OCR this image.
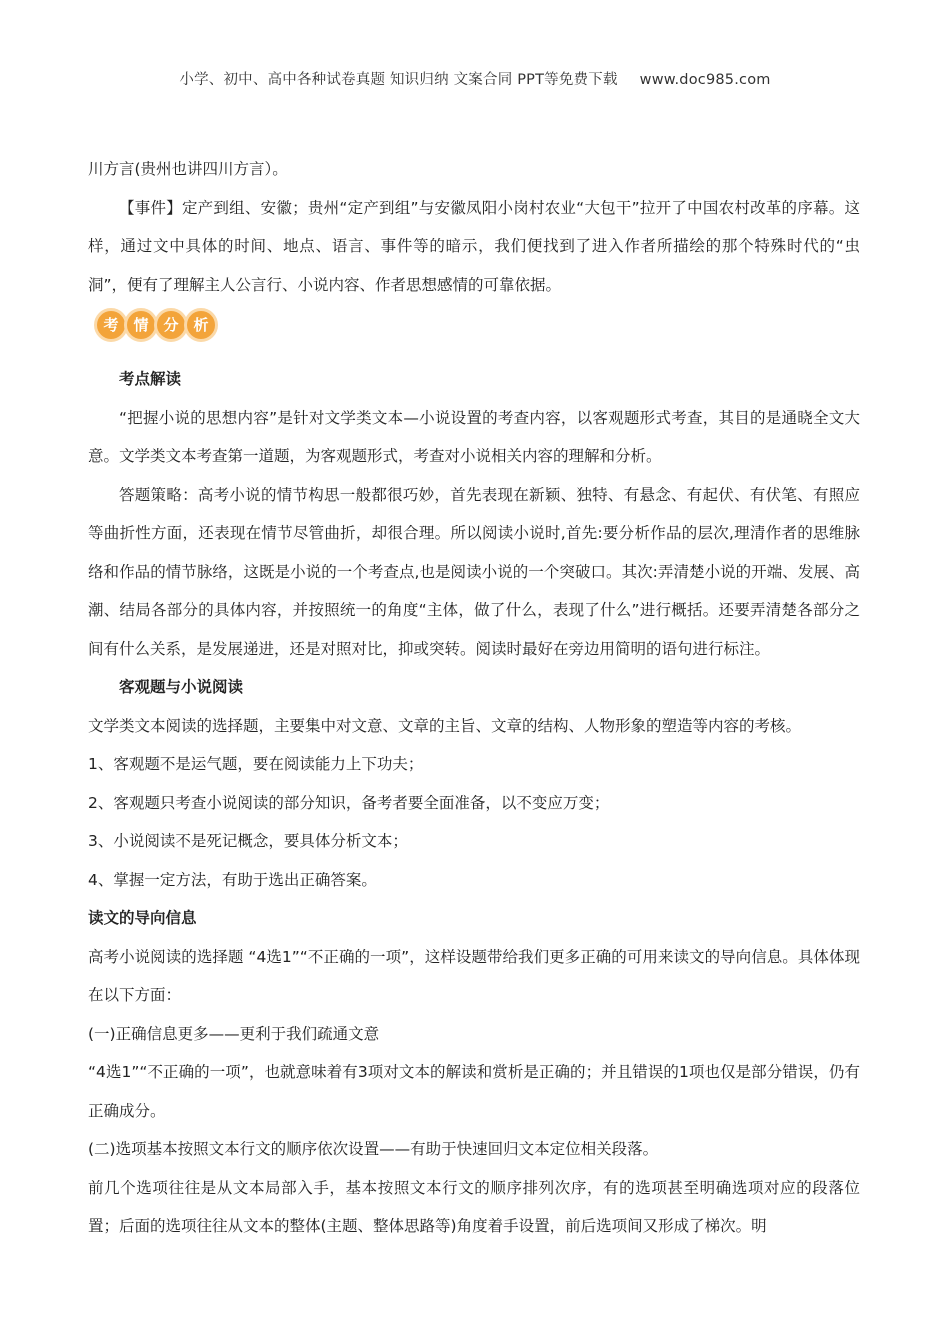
小学、初中、高中各种试卷真题 知识归纳 文案合同 PPT等免费下载 www.doc985.com

川方言(贵州也讲四川方言）。

【事件】定产到组、安徽；贵州“定产到组”与安徽凤阳小岗村农业“大包干”拉开了中国农村改革的序幕。这样，通过文中具体的时间、地点、语言、事件等的暗示，我们便找到了进入作者所描绘的那个特殊时代的“虫洞”，便有了理解主人公言行、小说内容、作者思想感情的可靠依据。

考 情 分 析

考点解读

“把握小说的思想内容”是针对文学类文本—小说设置的考查内容，以客观题形式考查，其目的是通晓全文大意。文学类文本考查第一道题，为客观题形式，考查对小说相关内容的理解和分析。

答题策略：高考小说的情节构思一般都很巧妙，首先表现在新颖、独特、有悬念、有起伏、有伏笔、有照应等曲折性方面，还表现在情节尽管曲折，却很合理。所以阅读小说时,首先:要分析作品的层次,理清作者的思维脉络和作品的情节脉络，这既是小说的一个考查点,也是阅读小说的一个突破口。其次:弄清楚小说的开端、发展、高潮、结局各部分的具体内容，并按照统一的角度“主体，做了什么，表现了什么”进行概括。还要弄清楚各部分之间有什么关系，是发展递进，还是对照对比，抑或突转。阅读时最好在旁边用简明的语句进行标注。

客观题与小说阅读

文学类文本阅读的选择题，主要集中对文意、文章的主旨、文章的结构、人物形象的塑造等内容的考核。

1、客观题不是运气题，要在阅读能力上下功夫；

2、客观题只考查小说阅读的部分知识，备考者要全面准备，以不变应万变；

3、小说阅读不是死记概念，要具体分析文本；

4、掌握一定方法，有助于选出正确答案。

读文的导向信息

高考小说阅读的选择题 “4选1”“不正确的一项”，这样设题带给我们更多正确的可用来读文的导向信息。具体体现在以下方面：

(一)正确信息更多——更利于我们疏通文意

“4选1”“不正确的一项”，也就意味着有3项对文本的解读和赏析是正确的；并且错误的1项也仅是部分错误，仍有正确成分。

(二)选项基本按照文本行文的顺序依次设置——有助于快速回归文本定位相关段落。

前几个选项往往是从文本局部入手，基本按照文本行文的顺序排列次序，有的选项甚至明确选项对应的段落位置；后面的选项往往从文本的整体(主题、整体思路等)角度着手设置，前后选项间又形成了梯次。明
